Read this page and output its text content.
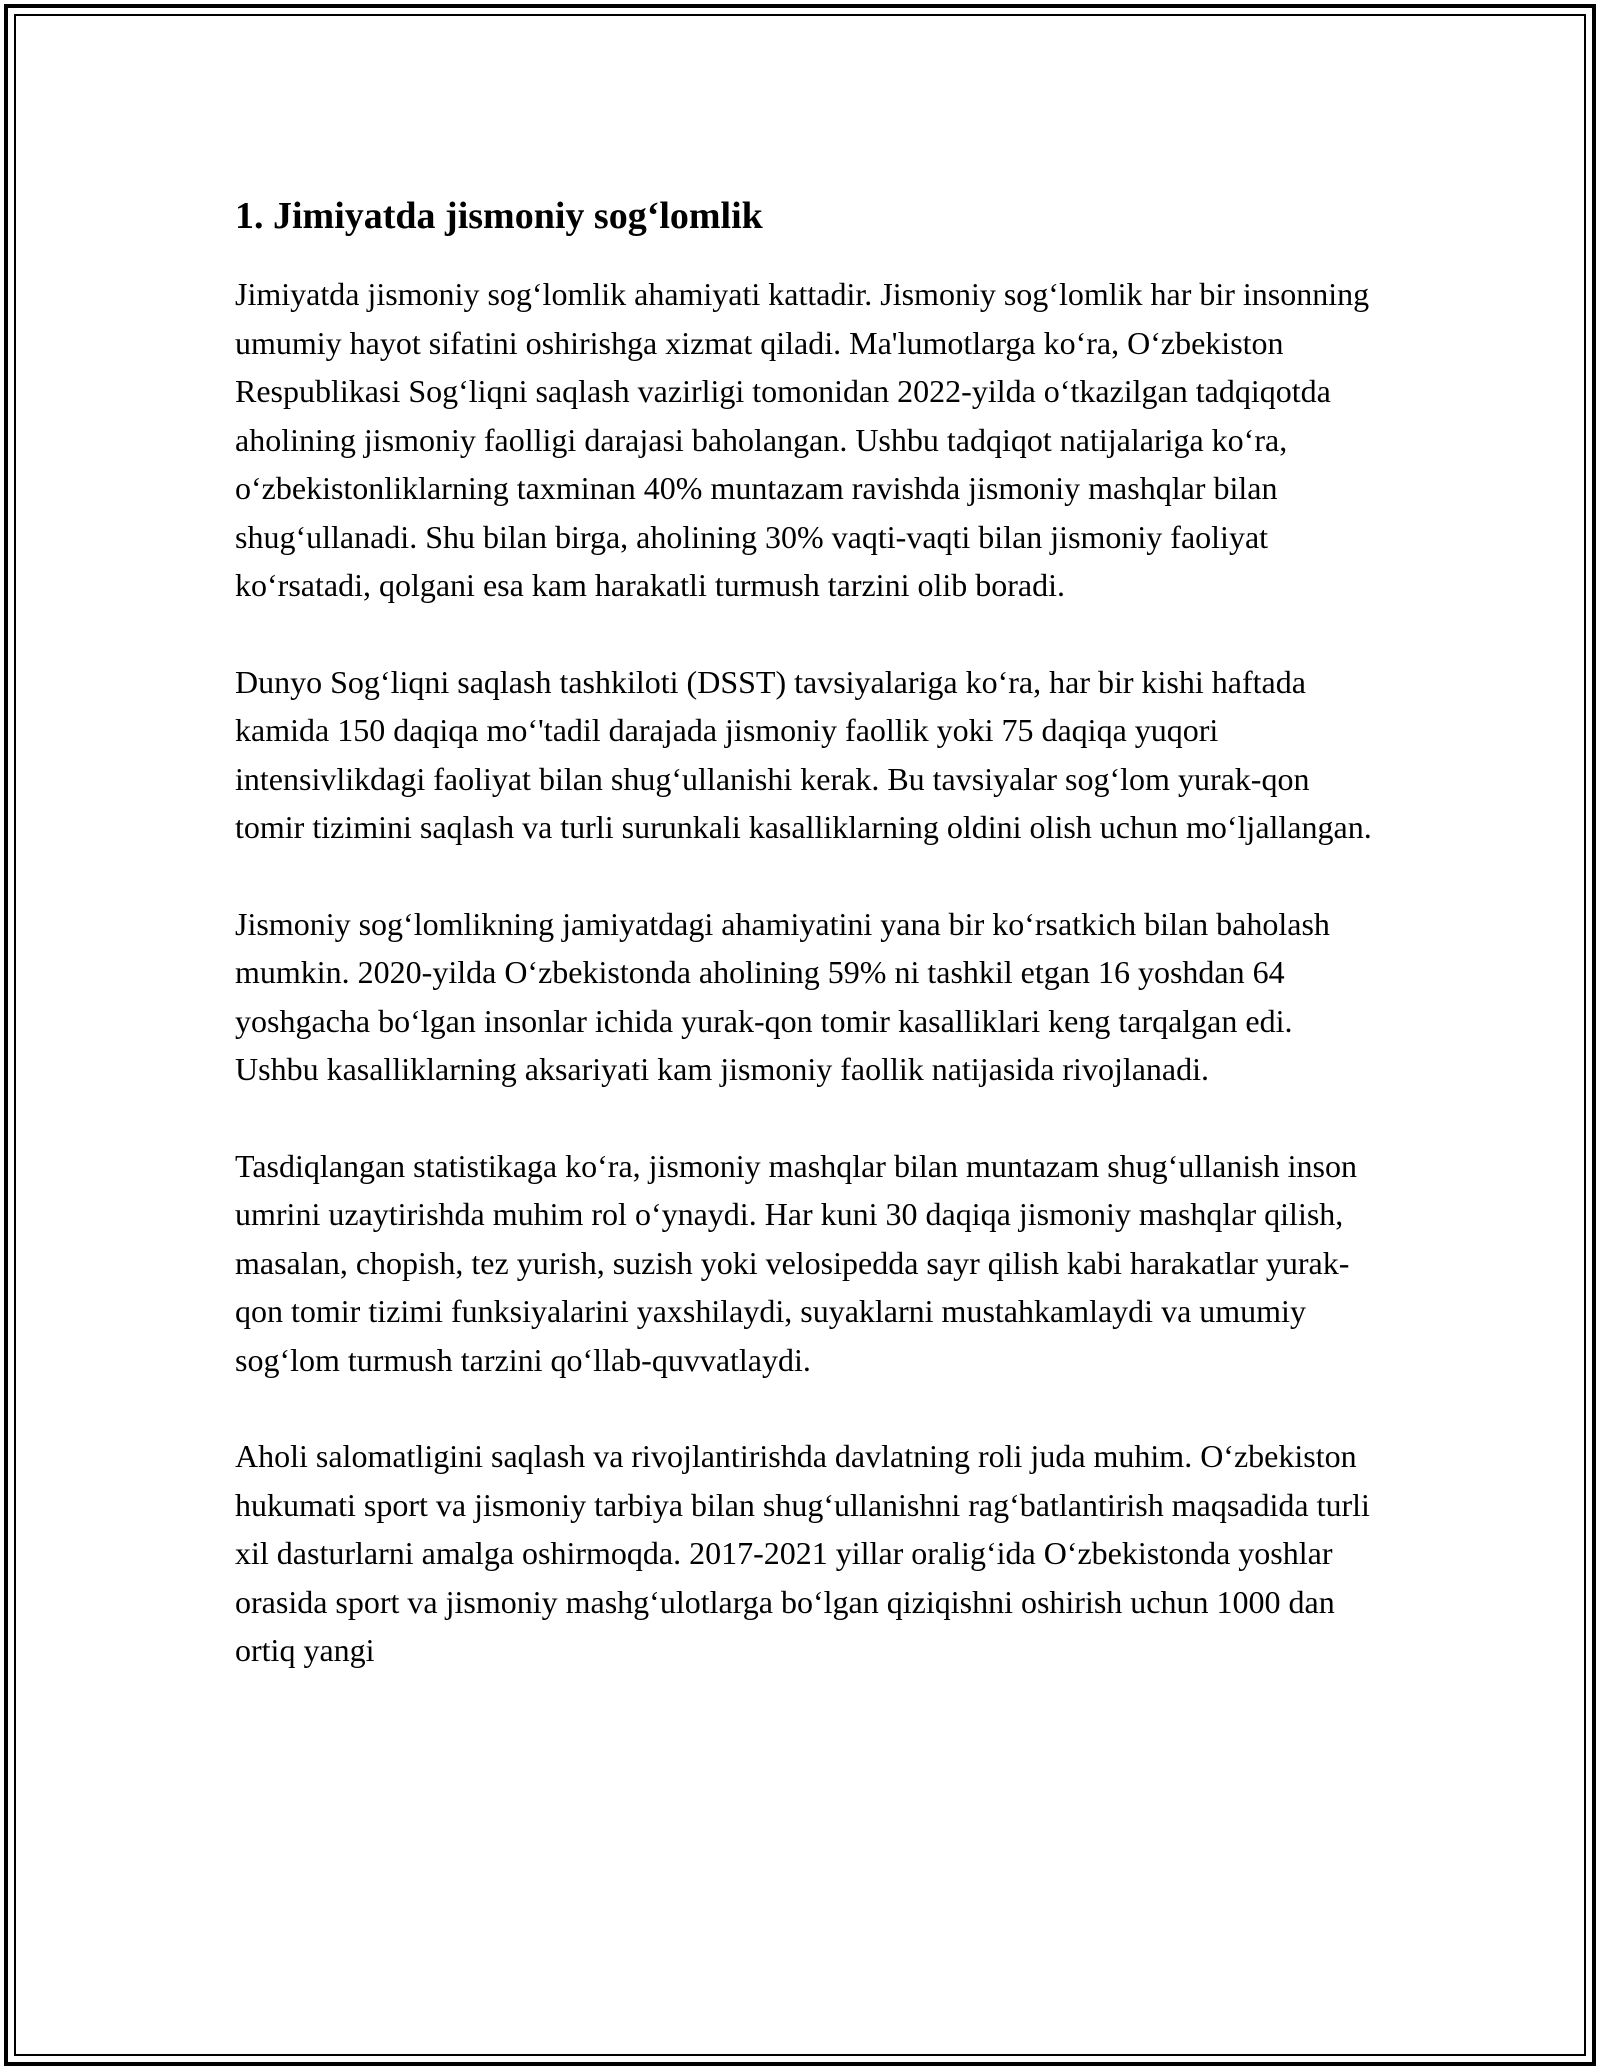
1. Jimiyatda jismoniy sog‘lomlik

Jimiyatda jismoniy sog‘lomlik ahamiyati kattadir. Jismoniy sog‘lomlik har bir insonning umumiy hayot sifatini oshirishga xizmat qiladi. Ma'lumotlarga ko‘ra, O‘zbekiston Respublikasi Sog‘liqni saqlash vazirligi tomonidan 2022-yilda o‘tkazilgan tadqiqotda aholining jismoniy faolligi darajasi baholangan. Ushbu tadqiqot natijalariga ko‘ra, o‘zbekistonliklarning taxminan 40% muntazam ravishda jismoniy mashqlar bilan shug‘ullanadi. Shu bilan birga, aholining 30% vaqti-vaqti bilan jismoniy faoliyat ko‘rsatadi, qolgani esa kam harakatli turmush tarzini olib boradi.

Dunyo Sog‘liqni saqlash tashkiloti (DSST) tavsiyalariga ko‘ra, har bir kishi haftada kamida 150 daqiqa mo‘'tadil darajada jismoniy faollik yoki 75 daqiqa yuqori intensivlikdagi faoliyat bilan shug‘ullanishi kerak. Bu tavsiyalar sog‘lom yurak-qon tomir tizimini saqlash va turli surunkali kasalliklarning oldini olish uchun mo‘ljallangan.

Jismoniy sog‘lomlikning jamiyatdagi ahamiyatini yana bir ko‘rsatkich bilan baholash mumkin. 2020-yilda O‘zbekistonda aholining 59% ni tashkil etgan 16 yoshdan 64 yoshgacha bo‘lgan insonlar ichida yurak-qon tomir kasalliklari keng tarqalgan edi. Ushbu kasalliklarning aksariyati kam jismoniy faollik natijasida rivojlanadi.

Tasdiqlangan statistikaga ko‘ra, jismoniy mashqlar bilan muntazam shug‘ullanish inson umrini uzaytirishda muhim rol o‘ynaydi. Har kuni 30 daqiqa jismoniy mashqlar qilish, masalan, chopish, tez yurish, suzish yoki velosipedda sayr qilish kabi harakatlar yurak-qon tomir tizimi funksiyalarini yaxshilaydi, suyaklarni mustahkamlaydi va umumiy sog‘lom turmush tarzini qo‘llab-quvvatlaydi.

Aholi salomatligini saqlash va rivojlantirishda davlatning roli juda muhim. O‘zbekiston hukumati sport va jismoniy tarbiya bilan shug‘ullanishni rag‘batlantirish maqsadida turli xil dasturlarni amalga oshirmoqda. 2017-2021 yillar oralig‘ida O‘zbekistonda yoshlar orasida sport va jismoniy mashg‘ulotlarga bo‘lgan qiziqishni oshirish uchun 1000 dan ortiq yangi
